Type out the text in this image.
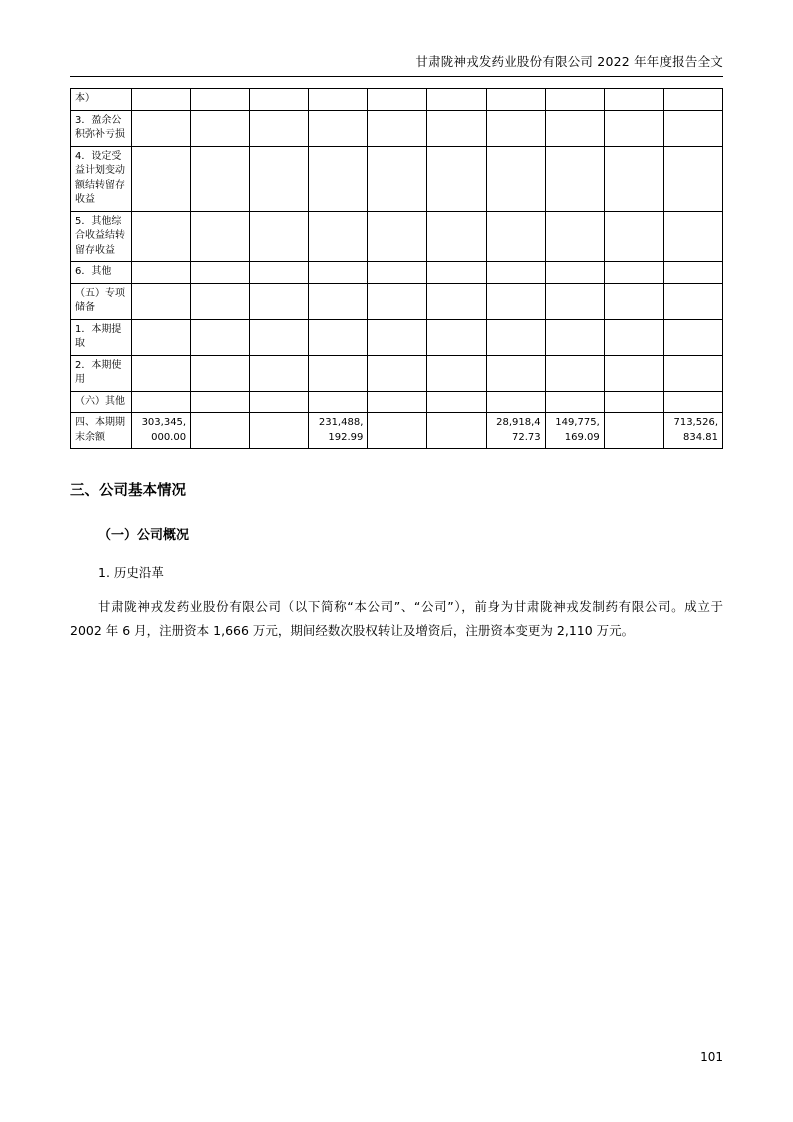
甘肃陇神戎发药业股份有限公司 2022 年年度报告全文
本）										
3．盈余公积弥补亏损										
4．设定受益计划变动额结转留存收益										
5．其他综合收益结转留存收益										
6．其他										
（五）专项储备										
1．本期提取										
2．本期使用										
（六）其他										
四、本期期末余额	303,345,000.00			231,488,192.99			28,918,472.73	149,775,169.09		713,526,834.81
三、公司基本情况
（一）公司概况
1. 历史沿革

甘肃陇神戎发药业股份有限公司（以下简称“本公司”、“公司”），前身为甘肃陇神戎发制药有限公司。成立于 2002 年 6 月，注册资本 1,666 万元，期间经数次股权转让及增资后，注册资本变更为 2,110 万元。

101
